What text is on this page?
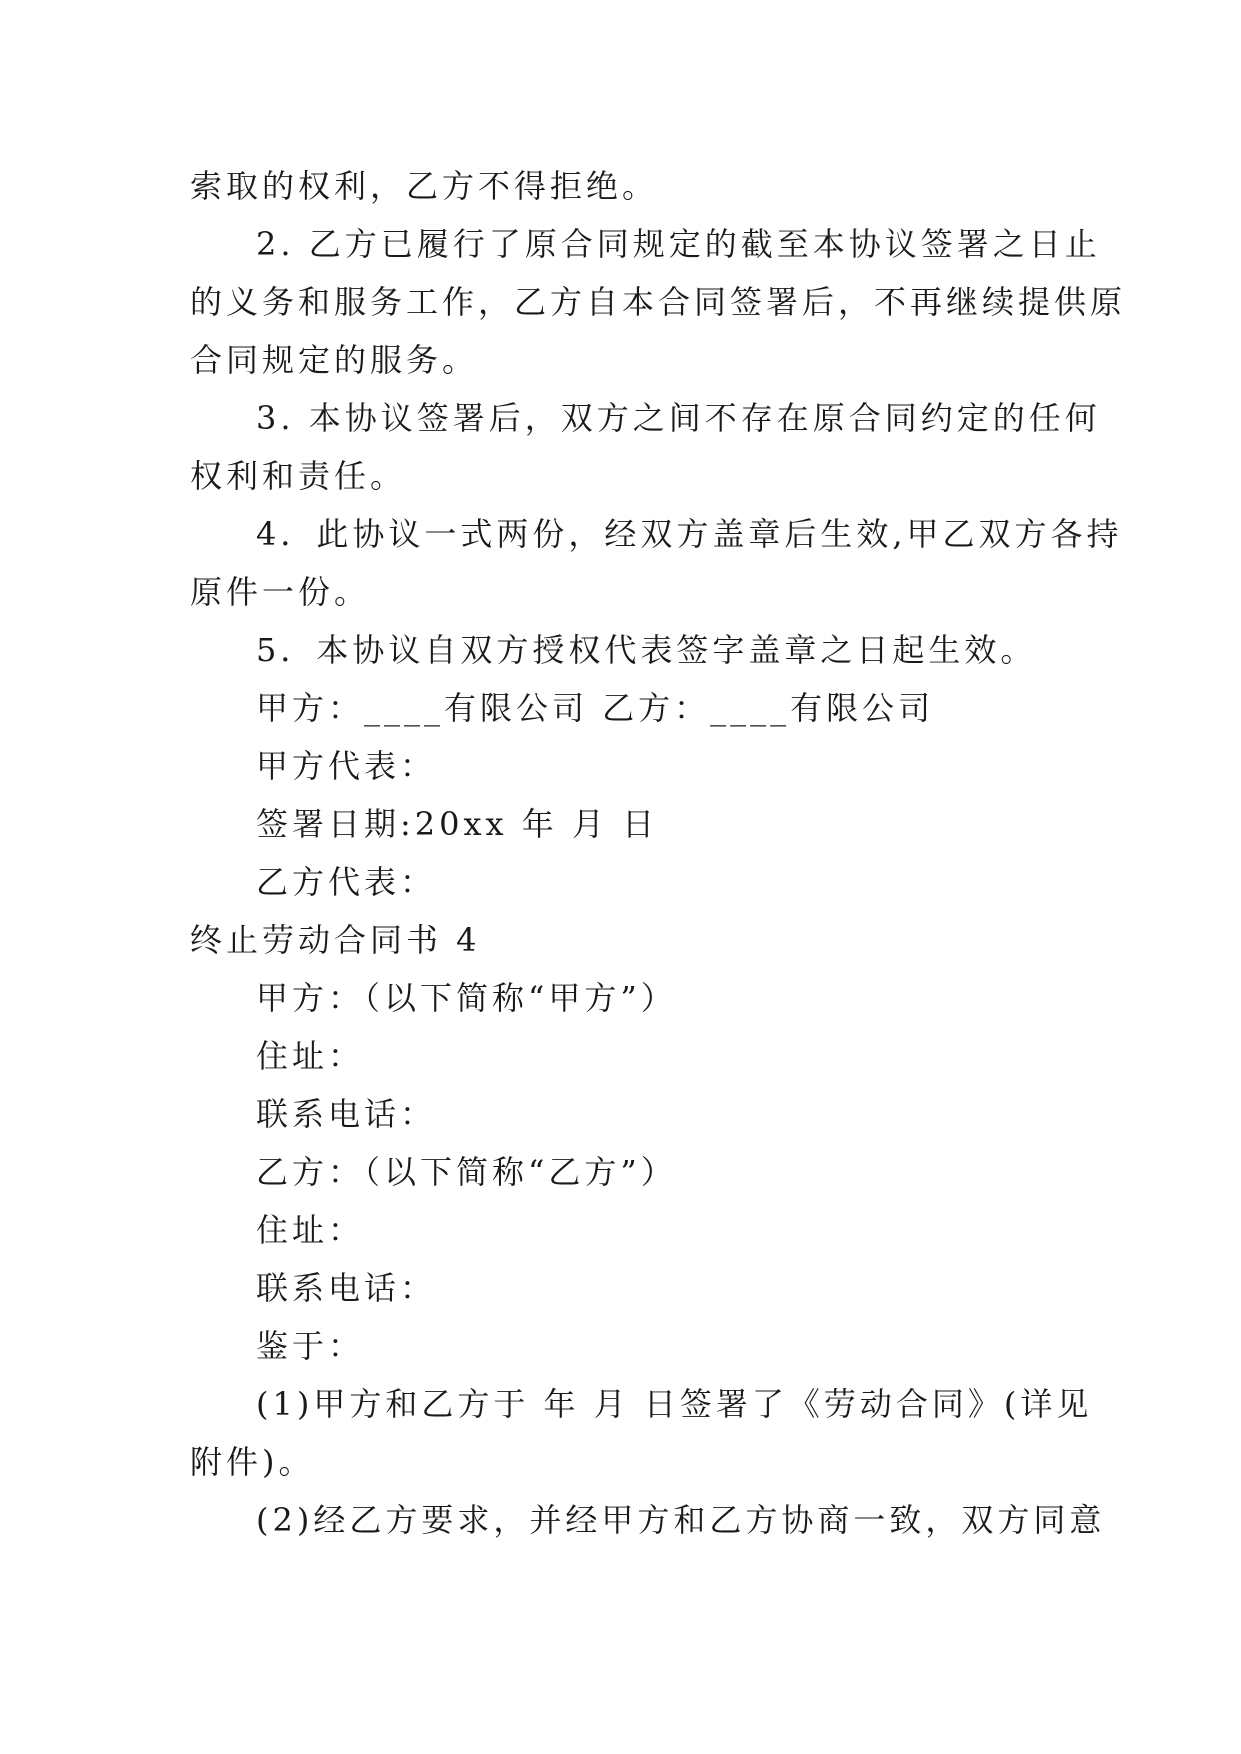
索取的权利，乙方不得拒绝。
2. 乙方已履行了原合同规定的截至本协议签署之日止
的义务和服务工作，乙方自本合同签署后，不再继续提供原
合同规定的服务。
3. 本协议签署后，双方之间不存在原合同约定的任何
权利和责任。
4．此协议一式两份，经双方盖章后生效,甲乙双方各持
原件一份。
5．本协议自双方授权代表签字盖章之日起生效。
甲方：____有限公司 乙方：____有限公司
甲方代表：
签署日期:20xx 年 月 日
乙方代表：
终止劳动合同书 4
甲方：（以下简称“甲方”）
住址：
联系电话：
乙方：（以下简称“乙方”）
住址：
联系电话：
鉴于：
(1)甲方和乙方于 年 月 日签署了《劳动合同》(详见
附件)。
(2)经乙方要求，并经甲方和乙方协商一致，双方同意
